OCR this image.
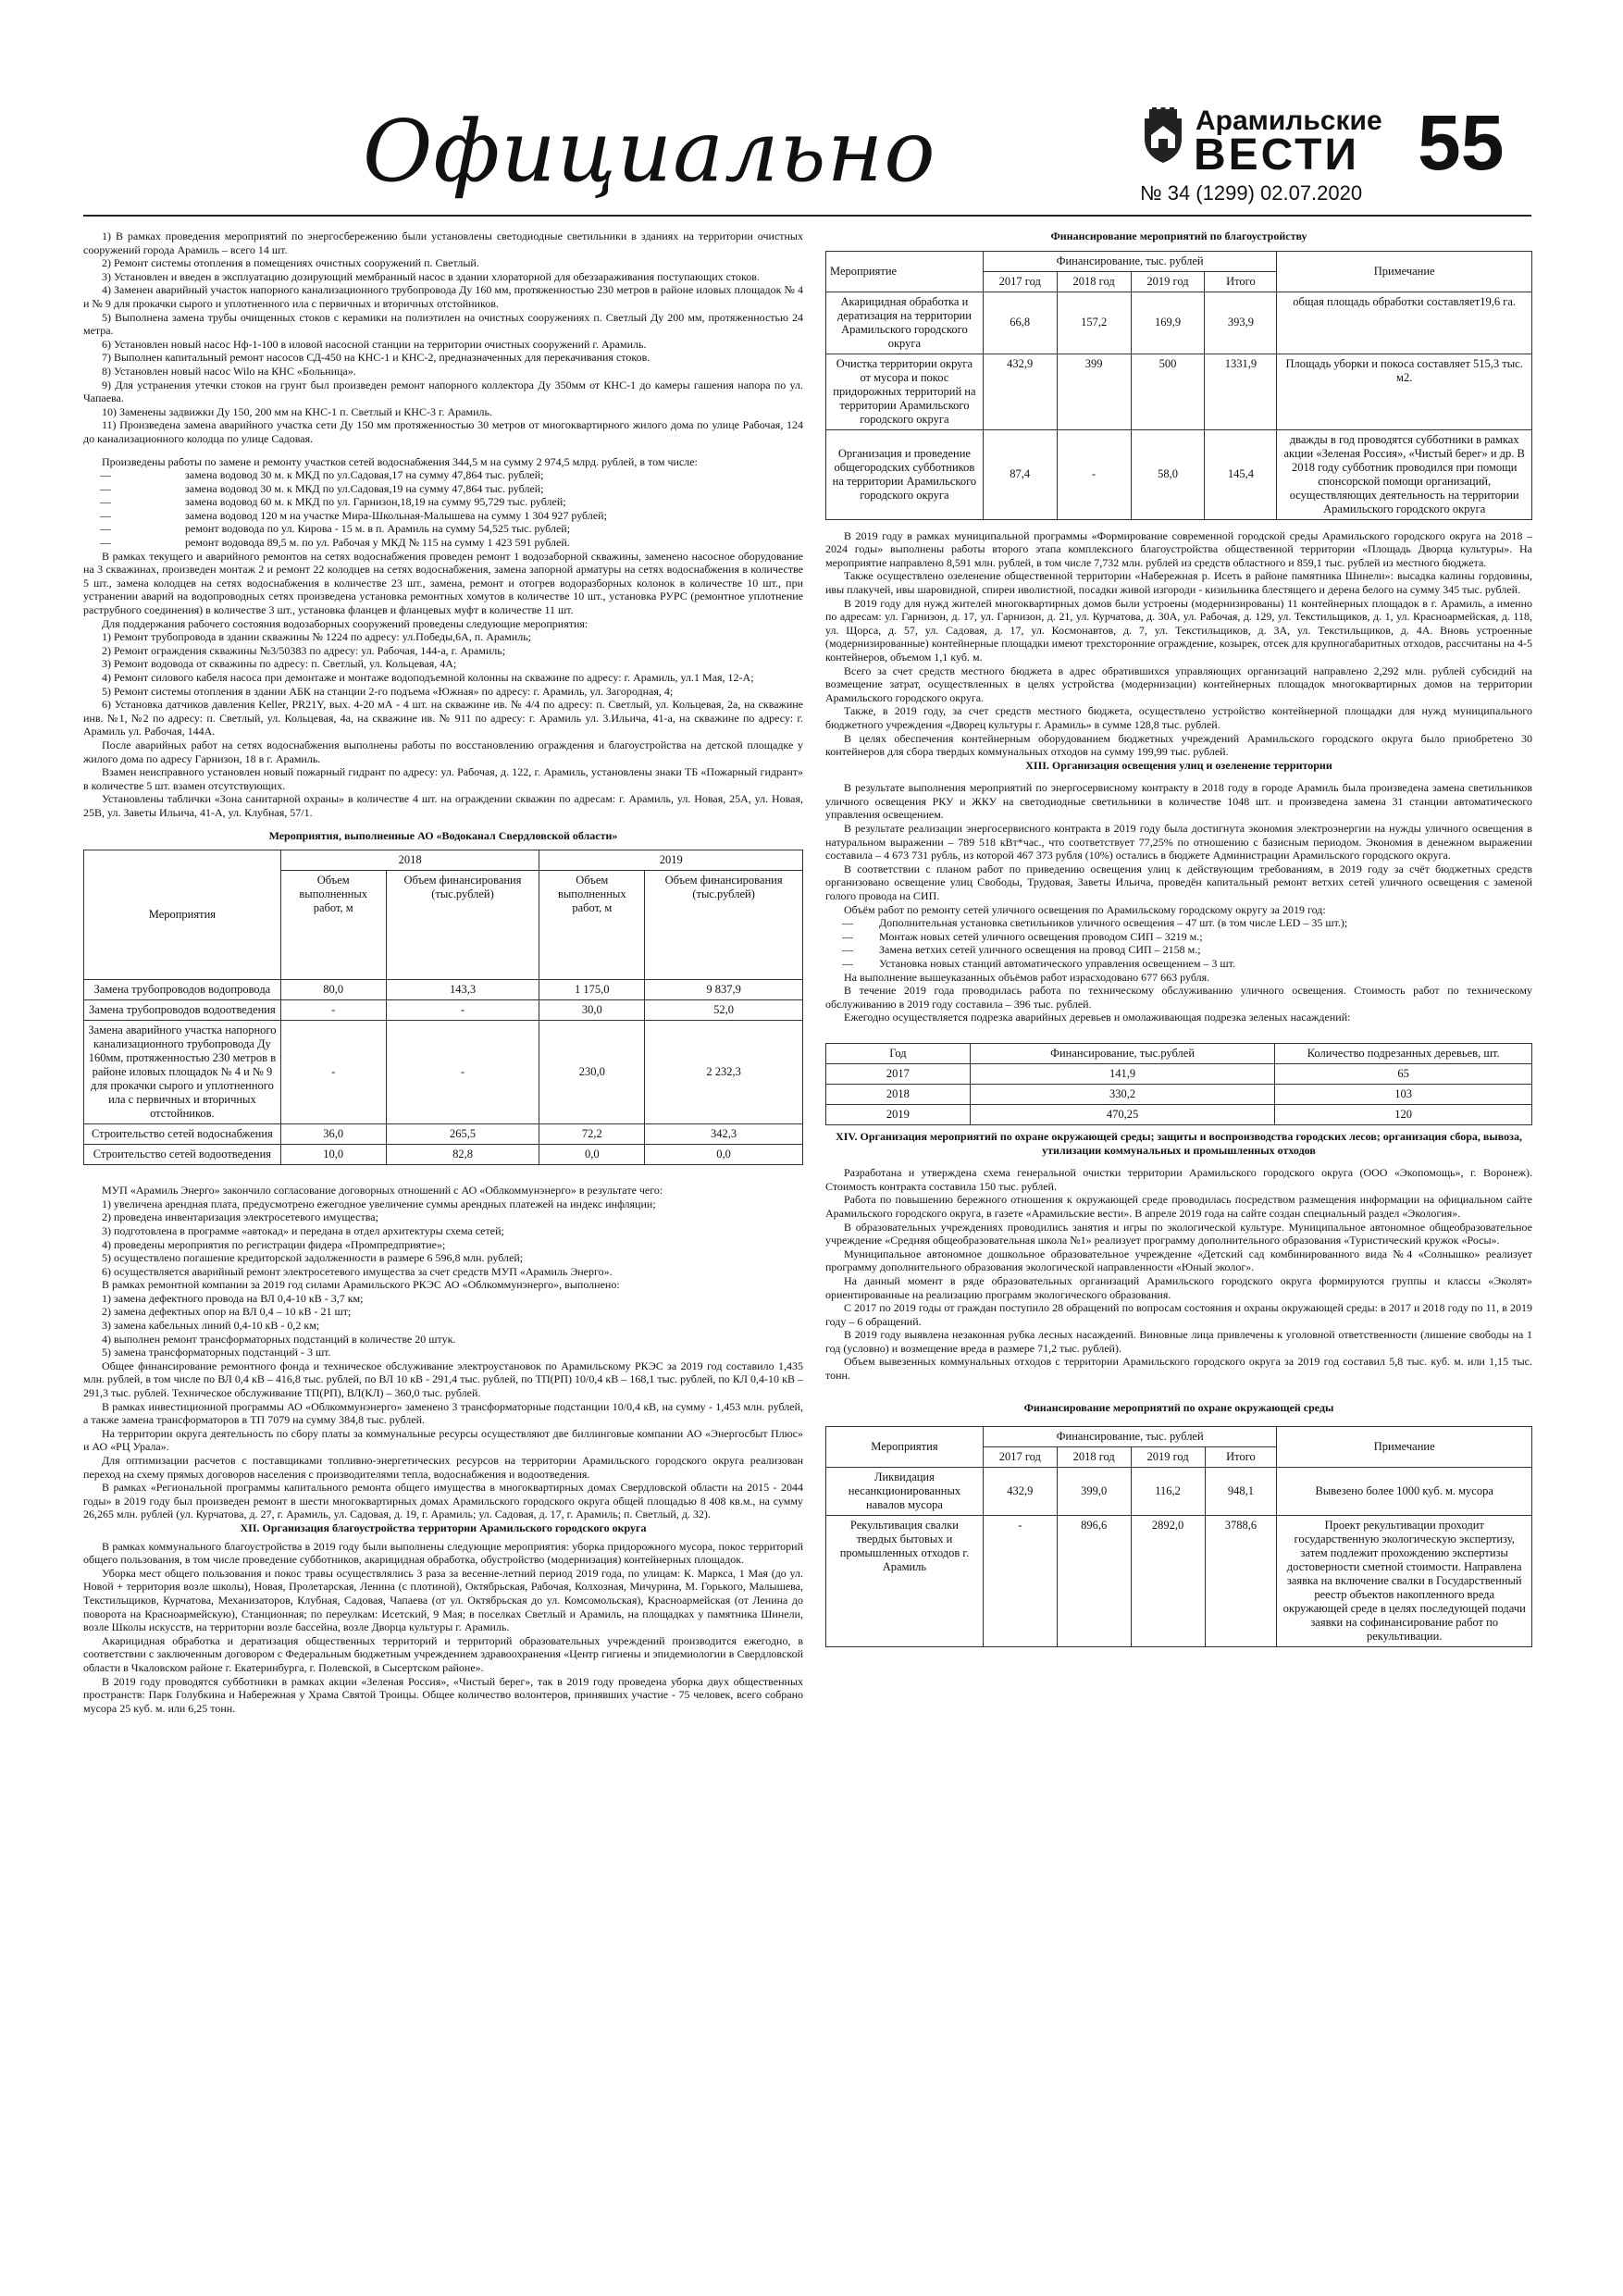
Официально	Арамильские
ВЕСТИ
№ 34 (1299) 02.07.2020
55

1) В рамках проведения мероприятий по энергосбережению были установлены светодиодные светильники в зданиях на территории очистных сооружений города Арамиль – всего 14 шт.

2) Ремонт системы отопления в помещениях очистных сооружений п. Светлый.

3) Установлен и введен в эксплуатацию дозирующий мембранный насос в здании хлораторной для обеззараживания поступающих стоков.

4) Заменен аварийный участок напорного канализационного трубопровода Ду 160 мм, протяженностью 230 метров в районе иловых площадок № 4 и № 9 для прокачки сырого и уплотненного ила с первичных и вторичных отстойников.

5) Выполнена замена трубы очищенных стоков с керамики на полиэтилен на очистных сооружениях п. Светлый Ду 200 мм, протяженностью 24 метра.

6) Установлен новый насос Нф-1-100 в иловой насосной станции на территории очистных сооружений г. Арамиль.

7) Выполнен капитальный ремонт насосов СД-450 на КНС-1 и КНС-2, предназначенных для перекачивания стоков.

8) Установлен новый насос Wilo на КНС «Больница».

9) Для устранения утечки стоков на грунт был произведен ремонт напорного коллектора Ду 350мм от КНС-1 до камеры гашения напора по ул. Чапаева.

10) Заменены задвижки Ду 150, 200 мм на КНС-1 п. Светлый и КНС-3 г. Арамиль.

11) Произведена замена аварийного участка сети Ду 150 мм протяженностью 30 метров от многоквартирного жилого дома по улице Рабочая, 124 до канализационного колодца по улице Садовая.

Произведены работы по замене и ремонту участков сетей водоснабжения 344,5 м на сумму 2 974,5 млрд. рублей, в том числе:

—	замена водовод 30 м. к МКД по ул.Садовая,17 на сумму 47,864 тыс. рублей;

—	замена водовод 30 м. к МКД по ул.Садовая,19 на сумму 47,864 тыс. рублей;

—	замена водовод 60 м. к МКД по ул. Гарнизон,18,19 на сумму 95,729 тыс. рублей;

—	замена водовод 120 м на участке Мира-Школьная-Малышева на сумму 1 304 927 рублей;

—	ремонт водовода по ул. Кирова - 15 м. в п. Арамиль на сумму 54,525 тыс. рублей;

—	ремонт водовода 89,5 м. по ул. Рабочая у МКД № 115 на сумму 1 423 591 рублей.

В рамках текущего и аварийного ремонтов на сетях водоснабжения проведен ремонт 1 водозаборной скважины, заменено насосное оборудование на 3 скважинах, произведен монтаж 2 и ремонт 22 колодцев на сетях водоснабжения, замена запорной арматуры на сетях водоснабжения в количестве 5 шт., замена колодцев на сетях водоснабжения в количестве 23 шт., замена, ремонт и отогрев водоразборных колонок в количестве 10 шт., при устранении аварий на водопроводных сетях произведена установка ремонтных хомутов в количестве 10 шт., установка РУРС (ремонтное уплотнение раструбного соединения) в количестве 3 шт., установка фланцев и фланцевых муфт в количестве 11 шт.

Для поддержания рабочего состояния водозаборных сооружений проведены следующие мероприятия:

1) Ремонт трубопровода в здании скважины № 1224 по адресу: ул.Победы,6А, п. Арамиль;

2) Ремонт ограждения скважины №3/50383 по адресу: ул. Рабочая, 144-а, г. Арамиль;

3) Ремонт водовода от скважины по адресу: п. Светлый, ул. Кольцевая, 4А;

4) Ремонт силового кабеля насоса при демонтаже и монтаже водоподъемной колонны на скважине по адресу: г. Арамиль, ул.1 Мая, 12-А;

5) Ремонт системы отопления в здании АБК на станции 2-го подъема «Южная» по адресу: г. Арамиль, ул. Загородная, 4;

6) Установка датчиков давления Keller, PR21Y, вых. 4-20 мА - 4 шт. на скважине ив. № 4/4 по адресу: п. Светлый, ул. Кольцевая, 2а, на скважине инв. №1, №2 по адресу: п. Светлый, ул. Кольцевая, 4а, на скважине ив. № 911 по адресу: г. Арамиль ул. 3.Ильича, 41-а, на скважине по адресу: г. Арамиль ул. Рабочая, 144А.

После аварийных работ на сетях водоснабжения выполнены работы по восстановлению ограждения и благоустройства на детской площадке у жилого дома по адресу Гарнизон, 18 в г. Арамиль.

Взамен неисправного установлен новый пожарный гидрант по адресу: ул. Рабочая, д. 122, г. Арамиль, установлены знаки ТБ «Пожарный гидрант» в количестве 5 шт. взамен отсутствующих.

Установлены таблички «Зона санитарной охраны» в количестве 4 шт. на ограждении скважин по адресам: г. Арамиль, ул. Новая, 25А, ул. Новая, 25В, ул. Заветы Ильича, 41-А, ул. Клубная, 57/1.

Мероприятия, выполненные АО «Водоканал Свердловской области»

Мероприятия	2018		2019	
	Объем выполненных работ, м	Объем финансирования (тыс.рублей)	Объем выполненных работ, м	Объем финансирования (тыс.рублей)
Замена трубопроводов водопровода	80,0	143,3	1 175,0	9 837,9
Замена трубопроводов водоотведения	-	-	30,0	52,0
Замена аварийного участка напорного канализационного трубопровода Ду 160мм, протяженностью 230 метров в районе иловых площадок № 4 и № 9 для прокачки сырого и уплотненного ила с первичных и вторичных отстойников.	-	-	230,0	2 232,3
Строительство сетей водоснабжения	36,0	265,5	72,2	342,3
Строительство сетей водоотведения	10,0	82,8	0,0	0,0

МУП «Арамиль Энерго» закончило согласование договорных отношений с АО «Облкоммунэнерго» в результате чего:

1) увеличена арендная плата, предусмотрено ежегодное увеличение суммы арендных платежей на индекс инфляции;

2) проведена инвентаризация электросетевого имущества;

3) подготовлена в программе «автокад» и передана в отдел архитектуры схема сетей;

4) проведены мероприятия по регистрации фидера «Промпредприятие»;

5) осуществлено погашение кредиторской задолженности в размере 6 596,8 млн. рублей;

6) осуществляется аварийный ремонт электросетевого имущества за счет средств МУП «Арамиль Энерго».

В рамках ремонтной компании за 2019 год силами Арамильского РКЭС АО «Облкоммунэнерго», выполнено:

1) замена дефектного провода на ВЛ 0,4-10 кВ - 3,7 км;

2) замена дефектных опор на ВЛ 0,4 – 10 кВ - 21 шт;

3) замена кабельных линий 0,4-10 кВ - 0,2 км;

4) выполнен ремонт трансформаторных подстанций в количестве 20 штук.

5) замена трансформаторных подстанций - 3 шт.

Общее финансирование ремонтного фонда и техническое обслуживание электроустановок по Арамильскому РКЭС за 2019 год составило 1,435 млн. рублей, в том числе по ВЛ 0,4 кВ – 416,8 тыс. рублей, по ВЛ 10 кВ - 291,4 тыс. рублей, по ТП(РП) 10/0,4 кВ – 168,1 тыс. рублей, по КЛ 0,4-10 кВ – 291,3 тыс. рублей. Техническое обслуживание ТП(РП), ВЛ(КЛ) – 360,0 тыс. рублей.

В рамках инвестиционной программы АО «Облкоммунэнерго» заменено 3 трансформаторные подстанции 10/0,4 кВ, на сумму - 1,453 млн. рублей, а также замена трансформаторов в ТП 7079 на сумму 384,8 тыс. рублей.

На территории округа деятельность по сбору платы за коммунальные ресурсы осуществляют две биллинговые компании АО «Энергосбыт Плюс» и АО «РЦ Урала».

Для оптимизации расчетов с поставщиками топливно-энергетических ресурсов на территории Арамильского городского округа реализован переход на схему прямых договоров населения с производителями тепла, водоснабжения и водоотведения.

В рамках «Региональной программы капитального ремонта общего имущества в многоквартирных домах Свердловской области на 2015 - 2044 годы» в 2019 году был произведен ремонт в шести многоквартирных домах Арамильского городского округа общей площадью 8 408 кв.м., на сумму 26,265 млн. рублей (ул. Курчатова, д. 27, г. Арамиль, ул. Садовая, д. 19, г. Арамиль; ул. Садовая, д. 17, г. Арамиль; п. Светлый, д. 32).

XII. Организация благоустройства территории Арамильского городского округа

В рамках коммунального благоустройства в 2019 году были выполнены следующие мероприятия: уборка придорожного мусора, покос территорий общего пользования, в том числе проведение субботников, акарицидная обработка, обустройство (модернизация) контейнерных площадок.

Уборка мест общего пользования и покос травы осуществлялись 3 раза за весенне-летний период 2019 года, по улицам: К. Маркса, 1 Мая (до ул. Новой + территория возле школы), Новая, Пролетарская, Ленина (с плотиной), Октябрьская, Рабочая, Колхозная, Мичурина, М. Горького, Малышева, Текстильщиков, Курчатова, Механизаторов, Клубная, Садовая, Чапаева (от ул. Октябрьская до ул. Комсомольская), Красноармейская (от Ленина до поворота на Красноармейскую), Станционная; по переулкам: Исетский, 9 Мая; в поселках Светлый и Арамиль, на площадках у памятника Шинели, возле Школы искусств, на территории возле бассейна, возле Дворца культуры г. Арамиль.

Акарицидная обработка и дератизация общественных территорий и территорий образовательных учреждений производится ежегодно, в соответствии с заключенным договором с Федеральным бюджетным учреждением здравоохранения «Центр гигиены и эпидемиологии в Свердловской области в Чкаловском районе г. Екатеринбурга, г. Полевской, в Сысертском районе».

В 2019 году проводятся субботники в рамках акции «Зеленая Россия», «Чистый берег», так в 2019 году проведена уборка двух общественных пространств: Парк Голубкина и Набережная у Храма Святой Троицы. Общее количество волонтеров, принявших участие - 75 человек, всего собрано мусора 25 куб. м. или 6,25 тонн.

Финансирование мероприятий по благоустройству

Мероприятие	Финансирование, тыс. рублей				Примечание
	2017 год	2018 год	2019 год	Итого	
Акарицидная обработка и дератизация на территории Арамильского городского округа	66,8	157,2	169,9	393,9	общая площадь обработки составляет19,6 га.
Очистка территории округа от мусора и покос придорожных территорий на территории Арамильского городского округа	432,9	399	500	1331,9	Площадь уборки и покоса составляет 515,3 тыс. м2.
Организация и проведение общегородских субботников на территории Арамильского городского округа	87,4	-	58,0	145,4	дважды в год проводятся субботники в рамках акции «Зеленая Россия», «Чистый берег» и др. В 2018 году субботник проводился при помощи спонсорской помощи организаций, осуществляющих деятельность на территории Арамильского городского округа

В 2019 году в рамках муниципальной программы «Формирование современной городской среды Арамильского городского округа на 2018 – 2024 годы» выполнены работы второго этапа комплексного благоустройства общественной территории «Площадь Дворца культуры». На мероприятие направлено 8,591 млн. рублей, в том числе 7,732 млн. рублей из средств областного и 859,1 тыс. рублей из местного бюджета.

Также осуществлено озеленение общественной территории «Набережная р. Исеть в районе памятника Шинели»: высадка калины гордовины, ивы плакучей, ивы шаровидной, спиреи иволистной, посадки живой изгороди - кизильника блестящего и дерена белого на сумму 345 тыс. рублей.

В 2019 году для нужд жителей многоквартирных домов были устроены (модернизированы) 11 контейнерных площадок в г. Арамиль, а именно по адресам: ул. Гарнизон, д. 17, ул. Гарнизон, д. 21, ул. Курчатова, д. 30А, ул. Рабочая, д. 129, ул. Текстильщиков, д. 1, ул. Красноармейская, д. 118, ул. Щорса, д. 57, ул. Садовая, д. 17, ул. Космонавтов, д. 7, ул. Текстильщиков, д. 3А, ул. Текстильщиков, д. 4А. Вновь устроенные (модернизированные) контейнерные площадки имеют трехсторонние ограждение, козырек, отсек для крупногабаритных отходов, рассчитаны на 4-5 контейнеров, объемом 1,1 куб. м.

Всего за счет средств местного бюджета в адрес обратившихся управляющих организаций направлено 2,292 млн. рублей субсидий на возмещение затрат, осуществленных в целях устройства (модернизации) контейнерных площадок многоквартирных домов на территории Арамильского городского округа.

Также, в 2019 году, за счет средств местного бюджета, осуществлено устройство контейнерной площадки для нужд муниципального бюджетного учреждения «Дворец культуры г. Арамиль» в сумме 128,8 тыс. рублей.

В целях обеспечения контейнерным оборудованием бюджетных учреждений Арамильского городского округа было приобретено 30 контейнеров для сбора твердых коммунальных отходов на сумму 199,99 тыс. рублей.

XIII. Организация освещения улиц и озеленение территории

В результате выполнения мероприятий по энергосервисному контракту в 2018 году в городе Арамиль была произведена замена светильников уличного освещения РКУ и ЖКУ на светодиодные светильники в количестве 1048 шт. и произведена замена 31 станции автоматического управления освещением.

В результате реализации энергосервисного контракта в 2019 году была достигнута экономия электроэнергии на нужды уличного освещения в натуральном выражении – 789 518 кВт*час., что соответствует 77,25% по отношению с базисным периодом. Экономия в денежном выражении составила – 4 673 731 рубль, из которой 467 373 рубля (10%) остались в бюджете Администрации Арамильского городского округа.

В соответствии с планом работ по приведению освещения улиц к действующим требованиям, в 2019 году за счёт бюджетных средств организовано освещение улиц Свободы, Трудовая, Заветы Ильича, проведён капитальный ремонт ветхих сетей уличного освещения с заменой голого провода на СИП.

Объём работ по ремонту сетей уличного освещения по Арамильскому городскому округу за 2019 год:

— Дополнительная установка светильников уличного освещения – 47 шт. (в том числе LED – 35 шт.);

— Монтаж новых сетей уличного освещения проводом СИП – 3219 м.;

— Замена ветхих сетей уличного освещения на провод СИП – 2158 м.;

— Установка новых станций автоматического управления освещением – 3 шт.

На выполнение вышеуказанных объёмов работ израсходовано 677 663 рубля.

В течение 2019 года проводилась работа по техническому обслуживанию уличного освещения. Стоимость работ по техническому обслуживанию в 2019 году составила – 396 тыс. рублей.

Ежегодно осуществляется подрезка аварийных деревьев и омолаживающая подрезка зеленых насаждений:

Год	Финансирование, тыс.рублей	Количество подрезанных деревьев, шт.
2017	141,9	65
2018	330,2	103
2019	470,25	120

XIV. Организация мероприятий по охране окружающей среды; защиты и воспроизводства городских лесов; организация сбора, вывоза, утилизации коммунальных и промышленных отходов

Разработана и утверждена схема генеральной очистки территории Арамильского городского округа (ООО «Экопомощь», г. Воронеж). Стоимость контракта составила 150 тыс. рублей.

Работа по повышению бережного отношения к окружающей среде проводилась посредством размещения информации на официальном сайте Арамильского городского округа, в газете «Арамильские вести». В апреле 2019 года на сайте создан специальный раздел «Экология».

В образовательных учреждениях проводились занятия и игры по экологической культуре. Муниципальное автономное общеобразовательное учреждение «Средняя общеобразовательная школа №1» реализует программу дополнительного образования «Туристический кружок «Росы».

Муниципальное автономное дошкольное образовательное учреждение «Детский сад комбинированного вида №4 «Солнышко» реализует программу дополнительного образования экологической направленности «Юный эколог».

На данный момент в ряде образовательных организаций Арамильского городского округа формируются группы и классы «Эколят» ориентированные на реализацию программ экологического образования.

С 2017 по 2019 годы от граждан поступило 28 обращений по вопросам состояния и охраны окружающей среды: в 2017 и 2018 году по 11, в 2019 году – 6 обращений.

В 2019 году выявлена незаконная рубка лесных насаждений. Виновные лица привлечены к уголовной ответственности (лишение свободы на 1 год (условно) и возмещение вреда в размере 71,2 тыс. рублей).

Объем вывезенных коммунальных отходов с территории Арамильского городского округа за 2019 год составил 5,8 тыс. куб. м. или 1,15 тыс. тонн.

Финансирование мероприятий по охране окружающей среды

Мероприятия	Финансирование, тыс. рублей				Примечание
	2017 год	2018 год	2019 год	Итого	
Ликвидация несанкционированных навалов мусора	432,9	399,0	116,2	948,1	Вывезено более 1000 куб. м. мусора
Рекультивация свалки твердых бытовых и промышленных отходов г. Арамиль	-	896,6	2892,0	3788,6	Проект рекультивации проходит государственную экологическую экспертизу, затем подлежит прохождению экспертизы достоверности сметной стоимости. Направлена заявка на включение свалки в Государственный реестр объектов накопленного вреда окружающей среде в целях последующей подачи заявки на софинансирование работ по рекультивации.
